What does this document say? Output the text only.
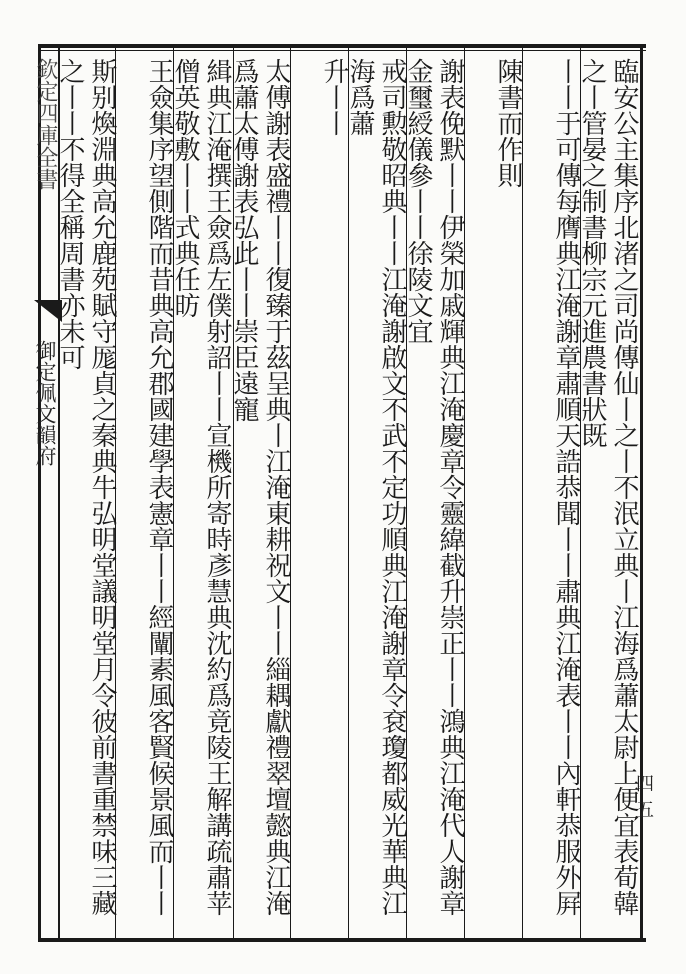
欽定四庫全書
御定佩文韻府	臨安公主集序北渚之司尚傳仙丨之丨不泯立典丨江海爲蕭太尉上便宜表荀韓之丨管晏之制書柳宗元進農書狀既
丨丨于可傳每膺典江淹謝章肅順天誥恭聞丨丨肅典江淹表丨丨內軒恭服外屛
陳書而作則
謝表俛默丨丨伊榮加戚輝典江淹慶章令靈緯截升崇正丨丨鴻典江淹代人謝章金璽綬儀參丨丨徐陵文宜
戒司勲敬昭典丨丨江淹謝啟文不武不定功順典江淹謝章令袞瓊都威光華典江海爲蕭
升丨丨
太傅謝表盛禮丨丨復臻于茲呈典丨江淹東耕祝文丨丨緇耦獻禮翠壇懿典江淹爲蕭太傅謝表弘此丨丨崇臣遠寵
緝典江淹撰王僉爲左僕射詔丨丨宣機所寄時彥慧典沈約爲竟陵王解講疏肅苹僧英敬敷丨丨式典任昉
王僉集序望側階而昔典高允郡國建學表憲章丨丨經闡素風客賢候景風而丨丨
斯别煥淵典高允鹿苑賦守厖貞之秦典牛弘明堂議明堂月令彼前書重禁味三藏之丨丨不得全稱周書亦未可
四五
